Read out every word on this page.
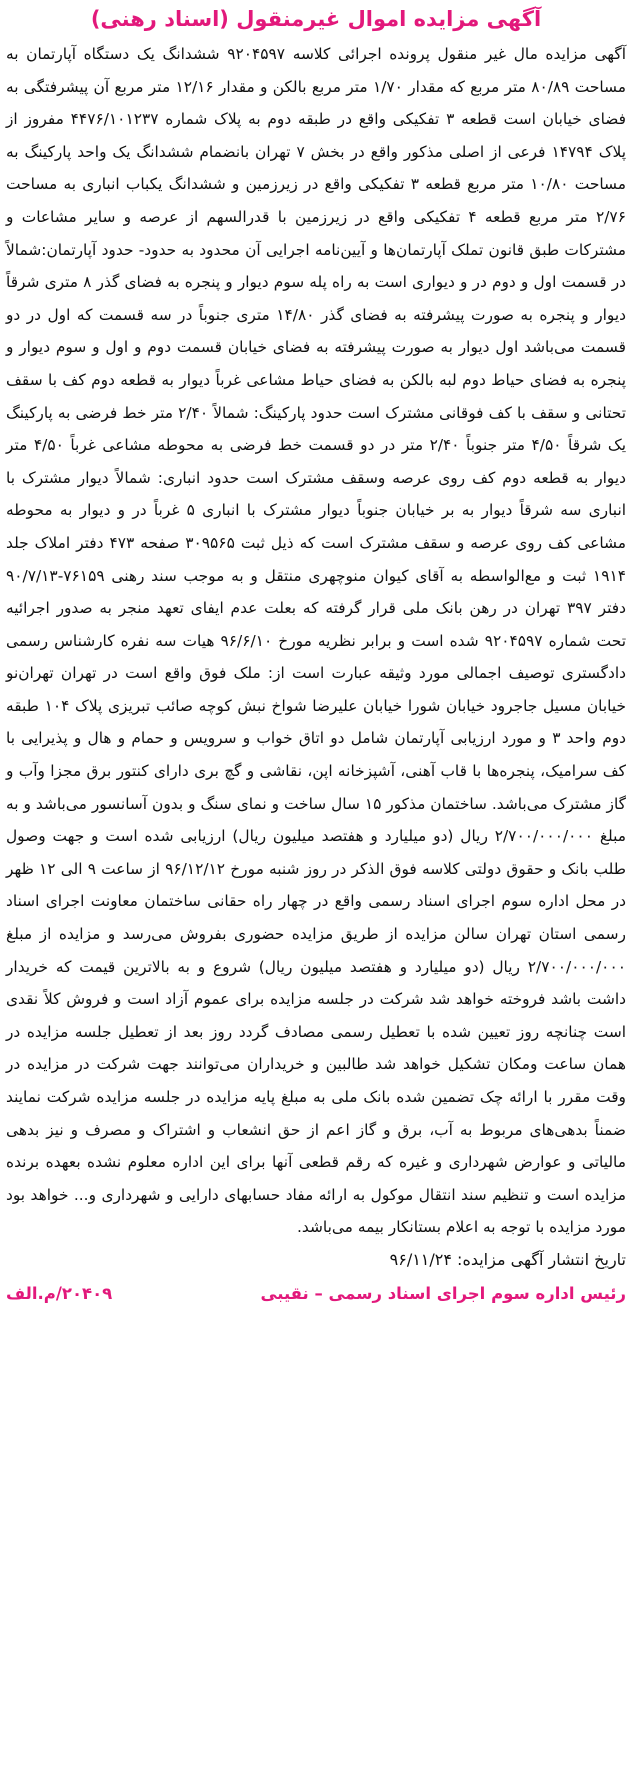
آگهی مزایده اموال غیرمنقول (اسناد رهنی)

آگهی مزایده مال غیر منقول پرونده اجرائی کلاسه ۹۲۰۴۵۹۷ ششدانگ یک دستگاه آپارتمان به مساحت ۸۰/۸۹ متر مربع که مقدار ۱/۷۰ متر مربع بالکن و مقدار ۱۲/۱۶ متر مربع آن پیشرفتگی به فضای خیابان است قطعه ۳ تفکیکی واقع در طبقه دوم به پلاک شماره ۴۴۷۶/۱۰۱۲۳۷ مفروز از پلاک ۱۴۷۹۴ فرعی از اصلی مذکور واقع در بخش ۷ تهران بانضمام ششدانگ یک واحد پارکینگ به مساحت ۱۰/۸۰ متر مربع قطعه ۳ تفکیکی واقع در زیرزمین و ششدانگ یکباب انباری به مساحت ۲/۷۶ متر مربع قطعه ۴ تفکیکی واقع در زیرزمین با قدرالسهم از عرصه و سایر مشاعات و مشترکات طبق قانون تملک آپارتمان‌ها و آیین‌نامه اجرایی آن محدود به حدود- حدود آپارتمان:شمالاً در قسمت اول و دوم در و دیواری است به راه پله سوم دیوار و پنجره به فضای گذر ۸ متری شرقاً دیوار و پنجره به صورت پیشرفته به فضای گذر ۱۴/۸۰ متری جنوباً در سه قسمت که اول در دو قسمت می‌باشد اول دیوار به صورت پیشرفته به فضای خیابان قسمت دوم و اول و سوم دیوار و پنجره به فضای حیاط دوم لبه بالکن به فضای حیاط مشاعی غرباً دیوار به قطعه دوم کف با سقف تحتانی و سقف با کف فوقانی مشترک است حدود پارکینگ: شمالاً ۲/۴۰ متر خط فرضی به پارکینگ یک شرقاً ۴/۵۰ متر جنوباً ۲/۴۰ متر در دو قسمت خط فرضی به محوطه مشاعی غرباً ۴/۵۰ متر دیوار به قطعه دوم کف روی عرصه وسقف مشترک است حدود انباری: شمالاً دیوار مشترک با انباری سه شرقاً دیوار به بر خیابان جنوباً دیوار مشترک با انباری ۵ غرباً در و دیوار به محوطه مشاعی کف روی عرصه و سقف مشترک است که ذیل ثبت ۳۰۹۵۶۵ صفحه ۴۷۳ دفتر املاک جلد ۱۹۱۴ ثبت و مع‌الواسطه به آقای کیوان منوچهری منتقل و به موجب سند رهنی ۷۶۱۵۹-۹۰/۷/۱۳ دفتر ۳۹۷ تهران در رهن بانک ملی قرار گرفته که بعلت عدم ایفای تعهد منجر به صدور اجرائیه تحت شماره ۹۲۰۴۵۹۷ شده است و برابر نظریه مورخ ۹۶/۶/۱۰ هیات سه نفره کارشناس رسمی دادگستری توصیف اجمالی مورد وثیقه عبارت است از: ملک فوق واقع است در تهران تهران‌نو خیابان مسیل جاجرود خیابان شورا خیابان علیرضا شواخ نبش کوچه صائب تبریزی پلاک ۱۰۴ طبقه دوم واحد ۳ و مورد ارزیابی آپارتمان شامل دو اتاق خواب و سرویس و حمام و هال و پذیرایی با کف سرامیک، پنجره‌ها با قاب آهنی، آشپزخانه اپن، نقاشی و گچ بری دارای کنتور برق مجزا وآب و گاز مشترک می‌باشد. ساختمان مذکور ۱۵ سال ساخت و نمای سنگ و بدون آسانسور می‌باشد و به مبلغ ۲/۷۰۰/۰۰۰/۰۰۰ ریال (دو میلیارد و هفتصد میلیون ریال) ارزیابی شده است و جهت وصول طلب بانک و حقوق دولتی کلاسه فوق الذکر در روز شنبه مورخ ۹۶/۱۲/۱۲ از ساعت ۹ الی ۱۲ ظهر در محل اداره سوم اجرای اسناد رسمی واقع در چهار راه حقانی ساختمان معاونت اجرای اسناد رسمی استان تهران سالن مزایده از طریق مزایده حضوری بفروش می‌رسد و مزایده از مبلغ ۲/۷۰۰/۰۰۰/۰۰۰ ریال (دو میلیارد و هفتصد میلیون ریال) شروع و به بالاترین قیمت که خریدار داشت باشد فروخته خواهد شد شرکت در جلسه مزایده برای عموم آزاد است و فروش کلاً نقدی است چنانچه روز تعیین شده با تعطیل رسمی مصادف گردد روز بعد از تعطیل جلسه مزایده در همان ساعت ومکان تشکیل خواهد شد طالبین و خریداران می‌توانند جهت شرکت در مزایده در وقت مقرر با ارائه چک تضمین شده بانک ملی به مبلغ پایه مزایده در جلسه مزایده شرکت نمایند ضمناً بدهی‌های مربوط به آب، برق و گاز اعم از حق انشعاب و اشتراک و مصرف و نیز بدهی مالیاتی و عوارض شهرداری و غیره که رقم قطعی آنها برای این اداره معلوم نشده بعهده برنده مزایده است و تنظیم سند انتقال موکول به ارائه مفاد حسابهای دارایی و شهرداری و... خواهد بود مورد مزایده با توجه به اعلام بستانکار بیمه می‌باشد.

تاریخ انتشار آگهی مزایده: ۹۶/۱۱/۲۴
رئیس اداره سوم اجرای اسناد رسمی – نقیبی
۲۰۴۰۹/م.الف
